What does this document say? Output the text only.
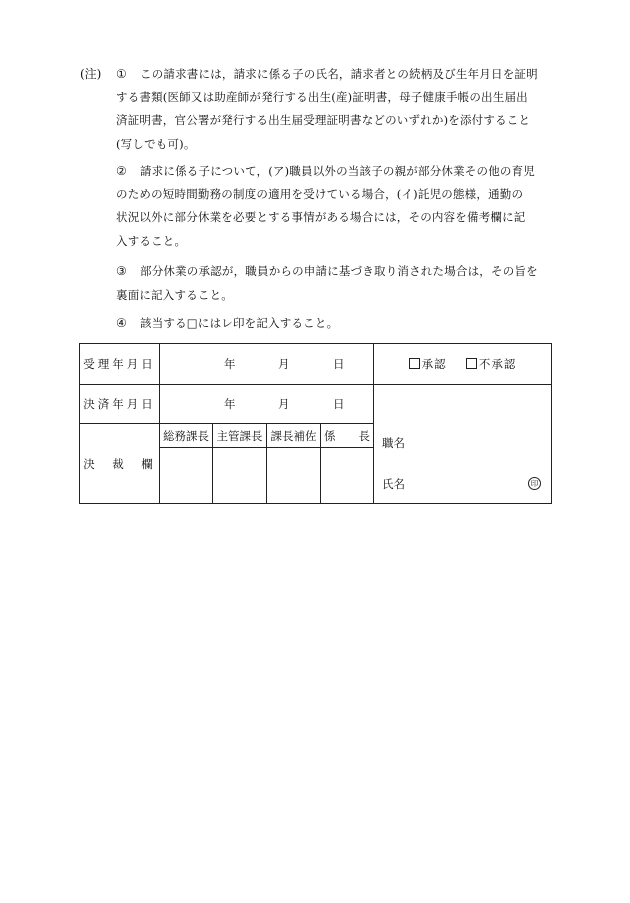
(注) ①	この請求書には，請求に係る子の氏名，請求者との続柄及び生年月日を証明
する書類(医師又は助産師が発行する出生(産)証明書，母子健康手帳の出生届出
済証明書，官公署が発行する出生届受理証明書などのいずれか)を添付すること
(写しでも可)。
②	請求に係る子について，(ア)職員以外の当該子の親が部分休業その他の育児
のための短時間勤務の制度の適用を受けている場合，(イ)託児の態様，通勤の
状況以外に部分休業を必要とする事情がある場合には，その内容を備考欄に記
入すること。
③	部分休業の承認が，職員からの申請に基づき取り消された場合は，その旨を
裏面に記入すること。
④	該当する□にはレ印を記入すること。
受理年月日	年 月 日				承認 不承認
決済年月日	年 月 日				職名
氏名 印

決　裁　欄	総務課長	主管課長	課長補佐	係　　長	
